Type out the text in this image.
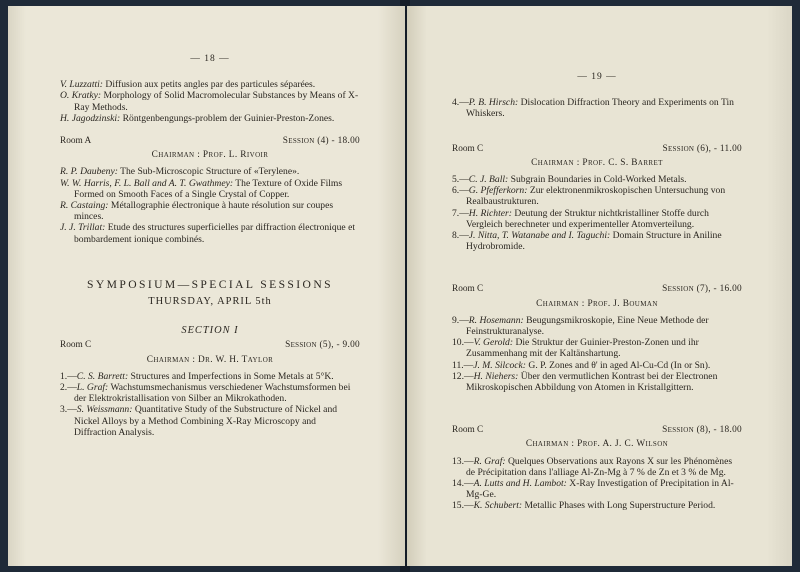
— 18 —

V. Luzzatti: Diffusion aux petits angles par des particules séparées.

O. Kratky: Morphology of Solid Macromolecular Substances by Means of X-Ray Methods.

H. Jagodzinski: Röntgenbengungs-problem der Guinier-Preston-Zones.

Room A	Session (4) - 18.00
Chairman : Prof. L. Rivoir

R. P. Daubeny: The Sub-Microscopic Structure of «Terylene».

W. W. Harris, F. L. Ball and A. T. Gwathmey: The Texture of Oxide Films Formed on Smooth Faces of a Single Crystal of Copper.

R. Castaing: Métallographie électronique à haute résolution sur coupes minces.

J. J. Trillat: Etude des structures superficielles par diffraction électronique et bombardement ionique combinés.

SYMPOSIUM—SPECIAL SESSIONS
THURSDAY, APRIL 5th
SECTION I
Room C	Session (5), - 9.00
Chairman : Dr. W. H. Taylor

1.—C. S. Barrett: Structures and Imperfections in Some Metals at 5°K.

2.—L. Graf: Wachstumsmechanismus verschiedener Wachstumsformen bei der Elektrokristallisation von Silber an Mikrokathoden.

3.—S. Weissmann: Quantitative Study of the Substructure of Nickel and Nickel Alloys by a Method Combining X-Ray Microscopy and Diffraction Analysis.

— 19 —

4.—P. B. Hirsch: Dislocation Diffraction Theory and Experiments on Tin Whiskers.

Room C	Session (6), - 11.00
Chairman : Prof. C. S. Barret

5.—C. J. Ball: Subgrain Boundaries in Cold-Worked Metals.

6.—G. Pfefferkorn: Zur elektronenmikroskopischen Untersuchung von Realbaustrukturen.

7.—H. Richter: Deutung der Struktur nichtkristalliner Stoffe durch Vergleich berechneter und experimenteller Atomverteilung.

8.—J. Nitta, T. Watanabe and I. Taguchi: Domain Structure in Aniline Hydrobromide.

Room C	Session (7), - 16.00
Chairman : Prof. J. Bouman

9.—R. Hosemann: Beugungsmikroskopie, Eine Neue Methode der Feinstrukturanalyse.

10.—V. Gerold: Die Struktur der Guinier-Preston-Zonen und ihr Zusammenhang mit der Kaltänshartung.

11.—J. M. Silcock: G. P. Zones and θ' in aged Al-Cu-Cd (In or Sn).

12.—H. Niehers: Über den vermutlichen Kontrast bei der Electronen Mikroskopischen Abbildung von Atomen in Kristallgittern.

Room C	Session (8), - 18.00
Chairman : Prof. A. J. C. Wilson

13.—R. Graf: Quelques Observations aux Rayons X sur les Phénomènes de Précipitation dans l'alliage Al-Zn-Mg à 7 % de Zn et 3 % de Mg.

14.—A. Lutts and H. Lambot: X-Ray Investigation of Precipitation in Al-Mg-Ge.

15.—K. Schubert: Metallic Phases with Long Superstructure Period.
